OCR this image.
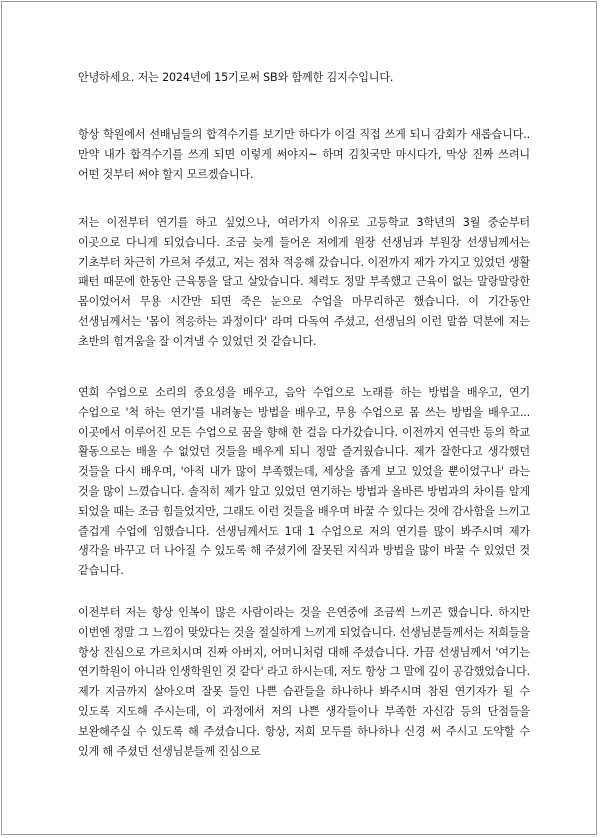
안녕하세요. 저는 2024년에 15기로써 SB와 함께한 김지수입니다.

항상 학원에서 선배님들의 합격수기를 보기만 하다가 이걸 직접 쓰게 되니 감회가 새롭습니다.. 만약 내가 합격수기를 쓰게 되면 이렇게 써야지~ 하며 김칫국만 마시다가, 막상 진짜 쓰려니 어떤 것부터 써야 할지 모르겠습니다.

저는 이전부터 연기를 하고 싶었으나, 여러가지 이유로 고등학교 3학년의 3월 중순부터 이곳으로 다니게 되었습니다. 조금 늦게 들어온 저에게 원장 선생님과 부원장 선생님께서는 기초부터 차근히 가르쳐 주셨고, 저는 점차 적응해 갔습니다. 이전까지 제가 가지고 있었던 생활 패턴 때문에 한동안 근육통을 달고 살았습니다. 체력도 정말 부족했고 근육이 없는 말랑말랑한 몸이었어서 무용 시간만 되면 죽은 눈으로 수업을 마무리하곤 했습니다. 이 기간동안 선생님께서는 '몸이 적응하는 과정이다' 라며 다독여 주셨고, 선생님의 이런 말씀 덕분에 저는 초반의 힘겨움을 잘 이겨낼 수 있었던 것 같습니다.

연희 수업으로 소리의 중요성을 배우고, 음악 수업으로 노래를 하는 방법을 배우고, 연기 수업으로 '척 하는 연기'를 내려놓는 방법을 배우고, 무용 수업으로 몸 쓰는 방법을 배우고... 이곳에서 이루어진 모든 수업으로 꿈을 향해 한 걸음 다가갔습니다. 이전까지 연극반 등의 학교 활동으로는 배울 수 없었던 것들을 배우게 되니 정말 즐거웠습니다. 제가 잘한다고 생각했던 것들을 다시 배우며, '아직 내가 많이 부족했는데, 세상을 좁게 보고 있었을 뿐이었구나' 라는 것을 많이 느꼈습니다. 솔직히 제가 알고 있었던 연기하는 방법과 올바른 방법과의 차이를 알게 되었을 때는 조금 힘들었지만, 그래도 이런 것들을 배우며 바꿀 수 있다는 것에 감사함을 느끼고 즐겁게 수업에 임했습니다. 선생님께서도 1대 1 수업으로 저의 연기를 많이 봐주시며 제가 생각을 바꾸고 더 나아질 수 있도록 해 주셨기에 잘못된 지식과 방법을 많이 바꿀 수 있었던 것 같습니다.

이전부터 저는 항상 인복이 많은 사람이라는 것을 은연중에 조금씩 느끼곤 했습니다. 하지만 이번엔 정말 그 느낌이 맞았다는 것을 절실하게 느끼게 되었습니다. 선생님분들께서는 저희들을 항상 진심으로 가르치시며 진짜 아버지, 어머니처럼 대해 주셨습니다. 가끔 선생님께서 '여기는 연기학원이 아니라 인생학원인 것 같다' 라고 하시는데, 저도 항상 그 말에 깊이 공감했었습니다. 제가 지금까지 살아오며 잘못 들인 나쁜 습관들을 하나하나 봐주시며 참된 연기자가 될 수 있도록 지도해 주시는데, 이 과정에서 저의 나쁜 생각들이나 부족한 자신감 등의 단점들을 보완해주실 수 있도록 해 주셨습니다. 항상, 저희 모두를 하나하나 신경 써 주시고 도약할 수 있게 해 주셨던 선생님분들께 진심으로
